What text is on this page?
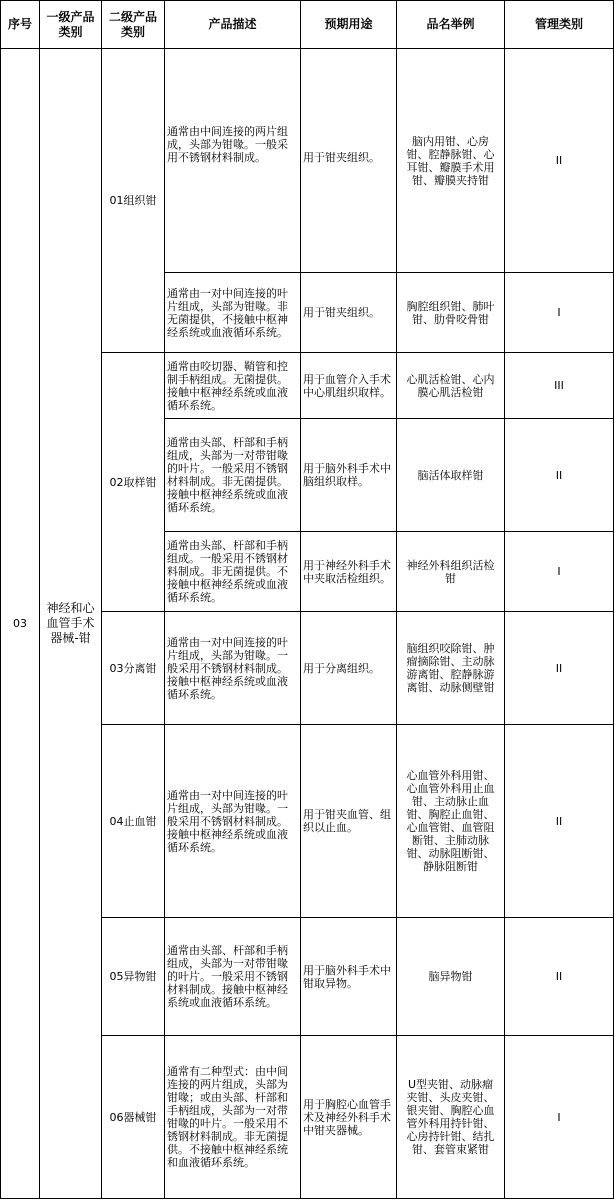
序号	一级产品类别	二级产品类别	产品描述	预期用途	品名举例	管理类别
03	神经和心血管手术器械-钳	01组织钳	通常由中间连接的两片组成，头部为钳喙。一般采用不锈钢材料制成。	用于钳夹组织。	脑内用钳、心房钳、腔静脉钳、心耳钳、瓣膜手术用钳、瓣膜夹持钳	II
			通常由一对中间连接的叶片组成，头部为钳喙。非无菌提供，不接触中枢神经系统或血液循环系统。	用于钳夹组织。	胸腔组织钳、肺叶钳、肋骨咬骨钳	I
		02取样钳	通常由咬切器、鞘管和控制手柄组成。无菌提供。接触中枢神经系统或血液循环系统。	用于血管介入手术中心肌组织取样。	心肌活检钳、心内膜心肌活检钳	III
			通常由头部、杆部和手柄组成，头部为一对带钳喙的叶片。一般采用不锈钢材料制成。非无菌提供。接触中枢神经系统或血液循环系统。	用于脑外科手术中脑组织取样。	脑活体取样钳	II
			通常由头部、杆部和手柄组成。一般采用不锈钢材料制成。非无菌提供。不接触中枢神经系统或血液循环系统。	用于神经外科手术中夹取活检组织。	神经外科组织活检钳	I
		03分离钳	通常由一对中间连接的叶片组成，头部为钳喙。一般采用不锈钢材料制成。接触中枢神经系统或血液循环系统。	用于分离组织。	脑组织咬除钳、肿瘤摘除钳、主动脉游离钳、腔静脉游离钳、动脉侧壁钳	II
		04止血钳	通常由一对中间连接的叶片组成，头部为钳喙。一般采用不锈钢材料制成。接触中枢神经系统或血液循环系统。	用于钳夹血管、组织以止血。	心血管外科用钳、心血管外科用止血钳、主动脉止血钳、胸腔止血钳、心血管钳、血管阻断钳、主肺动脉钳、动脉阻断钳、静脉阻断钳	II
		05异物钳	通常由头部、杆部和手柄组成，头部为一对带钳喙的叶片。一般采用不锈钢材料制成。接触中枢神经系统或血液循环系统。	用于脑外科手术中钳取异物。	脑异物钳	II
		06器械钳	通常有二种型式：由中间连接的两片组成，头部为钳喙；或由头部、杆部和手柄组成，头部为一对带钳喙的叶片。一般采用不锈钢材料制成。非无菌提供。不接触中枢神经系统和血液循环系统。	用于胸腔心血管手术及神经外科手术中钳夹器械。	U型夹钳、动脉瘤夹钳、头皮夹钳、银夹钳、胸腔心血管外科用持针钳、心房持针钳、结扎钳、套管束紧钳	I
